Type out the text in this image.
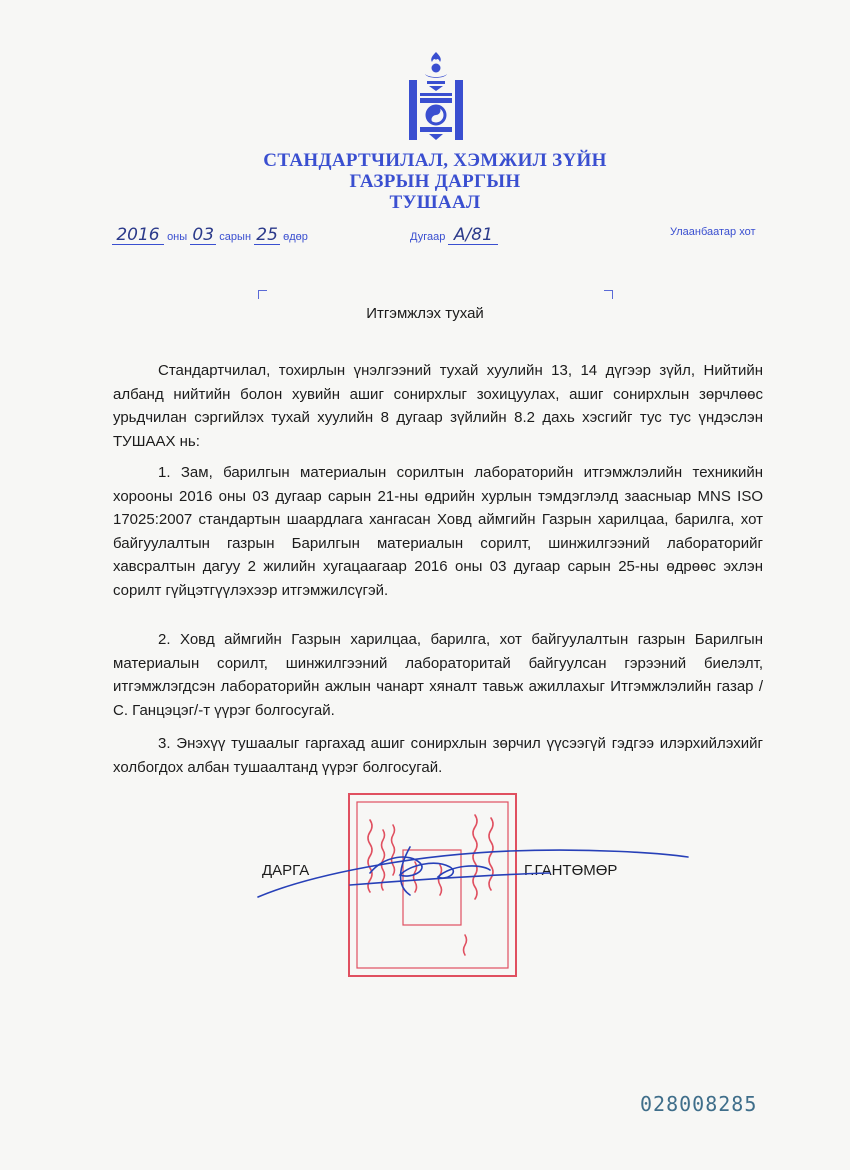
СТАНДАРТЧИЛАЛ, ХЭМЖИЛ ЗҮЙН
ГАЗРЫН ДАРГЫН
ТУШААЛ
2016 оны 03 сарын 25 өдөр	Дугаар А/81	Улаанбаатар хот
Итгэмжлэх тухай

Стандартчилал, тохирлын үнэлгээний тухай хуулийн 13, 14 дүгээр зүйл, Нийтийн албанд нийтийн болон хувийн ашиг сонирхлыг зохицуулах, ашиг сонирхлын зөрчлөөс урьдчилан сэргийлэх тухай хуулийн 8 дугаар зүйлийн 8.2 дахь хэсгийг тус тус үндэслэн ТУШААХ нь:

1. Зам, барилгын материалын сорилтын лабораторийн итгэмжлэлийн техникийн хорооны 2016 оны 03 дугаар сарын 21-ны өдрийн хурлын тэмдэглэлд заасныар MNS ISO 17025:2007 стандартын шаардлага хангасан Ховд аймгийн Газрын харилцаа, барилга, хот байгуулалтын газрын Барилгын материалын сорилт, шинжилгээний лабораторийг хавсралтын дагуу 2 жилийн хугацаагаар 2016 оны 03 дугаар сарын 25-ны өдрөөс эхлэн сорилт гүйцэтгүүлэхээр итгэмжилсүгэй.

2. Ховд аймгийн Газрын харилцаа, барилга, хот байгуулалтын газрын Барилгын материалын сорилт, шинжилгээний лабораторитай байгуулсан гэрээний биелэлт, итгэмжлэгдсэн лабораторийн ажлын чанарт хяналт тавьж ажиллахыг Итгэмжлэлийн газар /С. Ганцэцэг/-т үүрэг болгосугай.

3. Энэхүү тушаалыг гаргахад ашиг сонирхлын зөрчил үүсээгүй гэдгээ илэрхийлэхийг холбогдох албан тушаалтанд үүрэг болгосугай.

ДАРГА	Г.ГАНТӨМӨР
028008285
